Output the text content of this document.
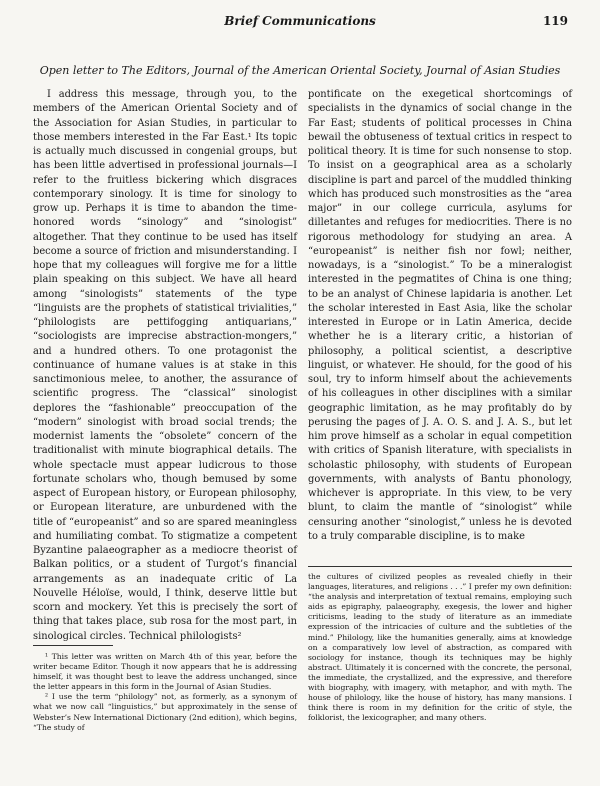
Brief Communications	119
Open letter to The Editors, Journal of the American Oriental Society, Journal of Asian Studies

I address this message, through you, to the members of the American Oriental Society and of the Association for Asian Studies, in particular to those members interested in the Far East.¹ Its topic is actually much discussed in congenial groups, but has been little advertised in professional journals—I refer to the fruitless bickering which disgraces contemporary sinology. It is time for sinology to grow up. Perhaps it is time to abandon the time-honored words “sinology” and “sinologist” altogether. That they continue to be used has itself become a source of friction and misunderstanding. I hope that my colleagues will forgive me for a little plain speaking on this subject. We have all heard among “sinologists” statements of the type “linguists are the prophets of statistical trivialities,” “philologists are pettifogging antiquarians,” “sociologists are imprecise abstraction-mongers,” and a hundred others. To one protagonist the continuance of humane values is at stake in this sanctimonious melee, to another, the assurance of scientific progress. The “classical” sinologist deplores the “fashionable” preoccupation of the “modern” sinologist with broad social trends; the modernist laments the “obsolete” concern of the traditionalist with minute biographical details. The whole spectacle must appear ludicrous to those fortunate scholars who, though bemused by some aspect of European history, or European philosophy, or European literature, are unburdened with the title of “europeanist” and so are spared meaningless and humiliating combat. To stigmatize a competent Byzantine palaeographer as a mediocre theorist of Balkan politics, or a student of Turgot’s financial arrangements as an inadequate critic of La Nouvelle Héloïse, would, I think, deserve little but scorn and mockery. Yet this is precisely the sort of thing that takes place, sub rosa for the most part, in sinological circles. Technical philologists²

pontificate on the exegetical shortcomings of specialists in the dynamics of social change in the Far East; students of political processes in China bewail the obtuseness of textual critics in respect to political theory. It is time for such nonsense to stop. To insist on a geographical area as a scholarly discipline is part and parcel of the muddled thinking which has produced such monstrosities as the “area major” in our college curricula, asylums for dilletantes and refuges for mediocrities. There is no rigorous methodology for studying an area. A “europeanist” is neither fish nor fowl; neither, nowadays, is a “sinologist.” To be a mineralogist interested in the pegmatites of China is one thing; to be an analyst of Chinese lapidaria is another. Let the scholar interested in East Asia, like the scholar interested in Europe or in Latin America, decide whether he is a literary critic, a historian of philosophy, a political scientist, a descriptive linguist, or whatever. He should, for the good of his soul, try to inform himself about the achievements of his colleagues in other disciplines with a similar geographic limitation, as he may profitably do by perusing the pages of J. A. O. S. and J. A. S., but let him prove himself as a scholar in equal competition with critics of Spanish literature, with specialists in scholastic philosophy, with students of European governments, with analysts of Bantu phonology, whichever is appropriate. In this view, to be very blunt, to claim the mantle of “sinologist” while censuring another “sinologist,” unless he is devoted to a truly comparable discipline, is to make

¹ This letter was written on March 4th of this year, before the writer became Editor. Though it now appears that he is addressing himself, it was thought best to leave the address unchanged, since the letter appears in this form in the Journal of Asian Studies.

² I use the term “philology” not, as formerly, as a synonym of what we now call “linguistics,” but approximately in the sense of Webster’s New International Dictionary (2nd edition), which begins, “The study of

the cultures of civilized peoples as revealed chiefly in their languages, literatures, and religions . . .” I prefer my own definition: “the analysis and interpretation of textual remains, employing such aids as epigraphy, palaeography, exegesis, the lower and higher criticisms, leading to the study of literature as an immediate expression of the intricacies of culture and the subtleties of the mind.” Philology, like the humanities generally, aims at knowledge on a comparatively low level of abstraction, as compared with sociology for instance, though its techniques may be highly abstract. Ultimately it is concerned with the concrete, the personal, the immediate, the crystallized, and the expressive, and therefore with biography, with imagery, with metaphor, and with myth. The house of philology, like the house of history, has many mansions. I think there is room in my definition for the critic of style, the folklorist, the lexicographer, and many others.
